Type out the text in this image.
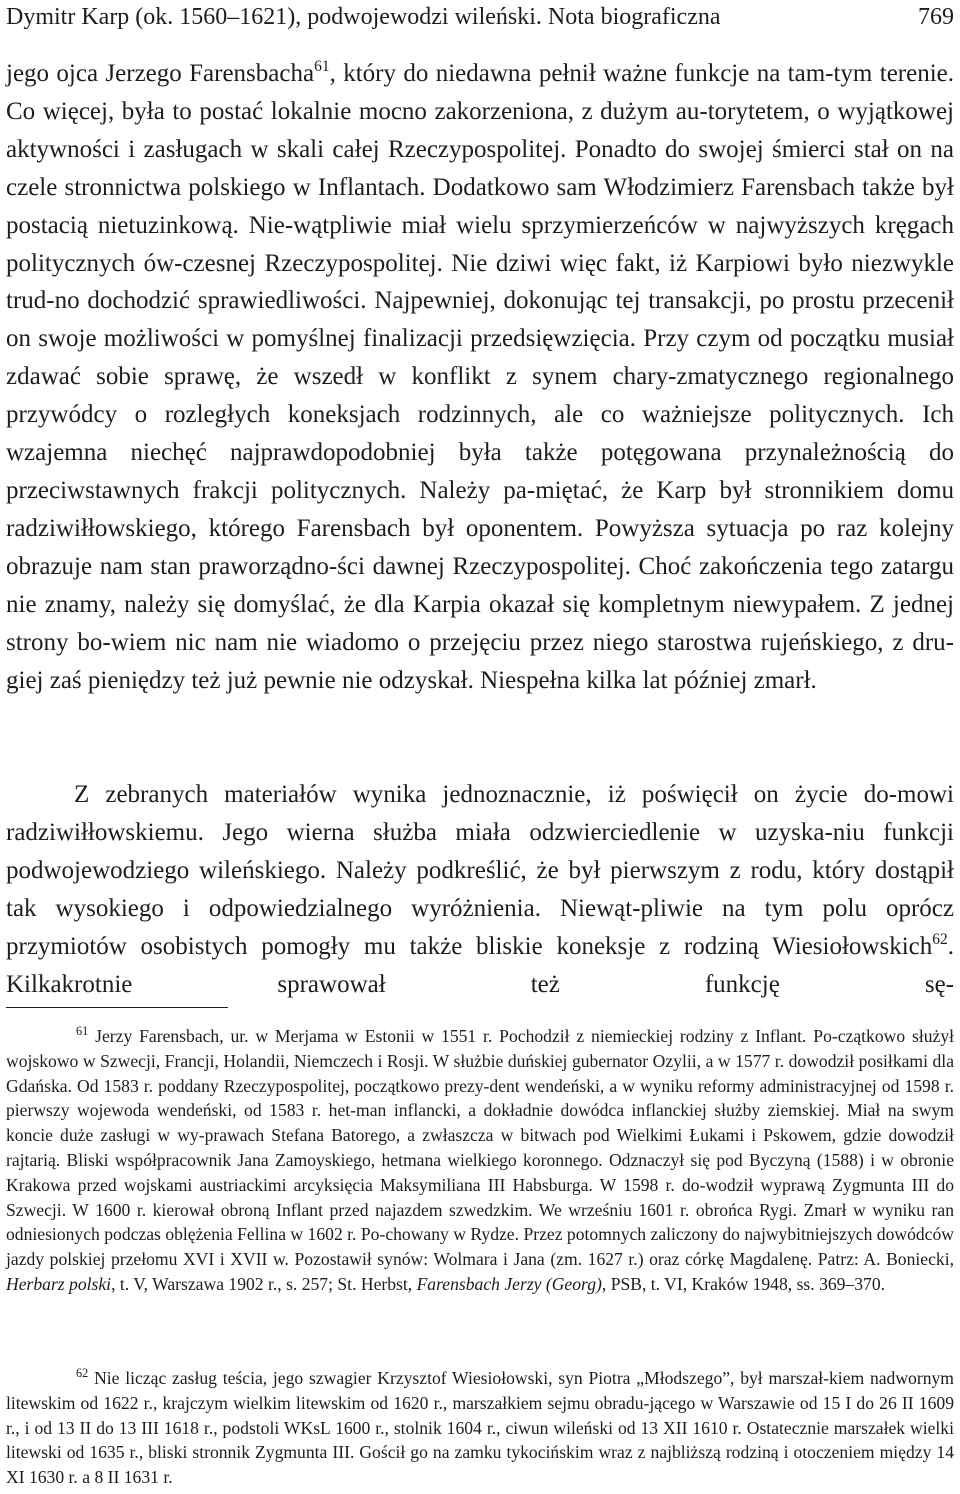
Dymitr Karp (ok. 1560–1621), podwojewodzi wileński. Nota biograficzna	769

jego ojca Jerzego Farensbacha$^{61}$, który do niedawna pełnił ważne funkcje na tam-tym terenie. Co więcej, była to postać lokalnie mocno zakorzeniona, z dużym au-torytetem, o wyjątkowej aktywności i zasługach w skali całej Rzeczypospolitej. Ponadto do swojej śmierci stał on na czele stronnictwa polskiego w Inflantach. Dodatkowo sam Włodzimierz Farensbach także był postacią nietuzinkową. Nie-wątpliwie miał wielu sprzymierzeńców w najwyższych kręgach politycznych ów-czesnej Rzeczypospolitej. Nie dziwi więc fakt, iż Karpiowi było niezwykle trud-no dochodzić sprawiedliwości. Najpewniej, dokonując tej transakcji, po prostu przecenił on swoje możliwości w pomyślnej finalizacji przedsięwzięcia. Przy czym od początku musiał zdawać sobie sprawę, że wszedł w konflikt z synem chary-zmatycznego regionalnego przywódcy o rozległych koneksjach rodzinnych, ale co ważniejsze politycznych. Ich wzajemna niechęć najprawdopodobniej była także potęgowana przynależnością do przeciwstawnych frakcji politycznych. Należy pa-miętać, że Karp był stronnikiem domu radziwiłłowskiego, którego Farensbach był oponentem. Powyższa sytuacja po raz kolejny obrazuje nam stan praworządno-ści dawnej Rzeczypospolitej. Choć zakończenia tego zatargu nie znamy, należy się domyślać, że dla Karpia okazał się kompletnym niewypałem. Z jednej strony bo-wiem nic nam nie wiadomo o przejęciu przez niego starostwa rujeńskiego, z dru-giej zaś pieniędzy też już pewnie nie odzyskał. Niespełna kilka lat później zmarł.

Z zebranych materiałów wynika jednoznacznie, iż poświęcił on życie do-mowi radziwiłłowskiemu. Jego wierna służba miała odzwierciedlenie w uzyska-niu funkcji podwojewodziego wileńskiego. Należy podkreślić, że był pierwszym z rodu, który dostąpił tak wysokiego i odpowiedzialnego wyróżnienia. Niewąt-pliwie na tym polu oprócz przymiotów osobistych pomogły mu także bliskie koneksje z rodziną Wiesiołowskich$^{62}$. Kilkakrotnie sprawował też funkcję sę-

$^{61}$ Jerzy Farensbach, ur. w Merjama w Estonii w 1551 r. Pochodził z niemieckiej rodziny z Inflant. Po-czątkowo służył wojskowo w Szwecji, Francji, Holandii, Niemczech i Rosji. W służbie duńskiej gubernator Ozylii, a w 1577 r. dowodził posiłkami dla Gdańska. Od 1583 r. poddany Rzeczypospolitej, początkowo prezy-dent wendeński, a w wyniku reformy administracyjnej od 1598 r. pierwszy wojewoda wendeński, od 1583 r. het-man inflancki, a dokładnie dowódca inflanckiej służby ziemskiej. Miał na swym koncie duże zasługi w wy-prawach Stefana Batorego, a zwłaszcza w bitwach pod Wielkimi Łukami i Pskowem, gdzie dowodził rajtarią. Bliski współpracownik Jana Zamoyskiego, hetmana wielkiego koronnego. Odznaczył się pod Byczyną (1588) i w obronie Krakowa przed wojskami austriackimi arcyksięcia Maksymiliana III Habsburga. W 1598 r. do-wodził wyprawą Zygmunta III do Szwecji. W 1600 r. kierował obroną Inflant przed najazdem szwedzkim. We wrześniu 1601 r. obrońca Rygi. Zmarł w wyniku ran odniesionych podczas oblężenia Fellina w 1602 r. Po-chowany w Rydze. Przez potomnych zaliczony do najwybitniejszych dowódców jazdy polskiej przełomu XVI i XVII w. Pozostawił synów: Wolmara i Jana (zm. 1627 r.) oraz córkę Magdalenę. Patrz: A. Boniecki, Herbarz polski, t. V, Warszawa 1902 r., s. 257; St. Herbst, Farensbach Jerzy (Georg), PSB, t. VI, Kraków 1948, ss. 369–370.

$^{62}$ Nie licząc zasług teścia, jego szwagier Krzysztof Wiesiołowski, syn Piotra „Młodszego”, był marszał-kiem nadwornym litewskim od 1622 r., krajczym wielkim litewskim od 1620 r., marszałkiem sejmu obradu-jącego w Warszawie od 15 I do 26 II 1609 r., i od 13 II do 13 III 1618 r., podstoli WKsL 1600 r., stolnik 1604 r., ciwun wileński od 13 XII 1610 r. Ostatecznie marszałek wielki litewski od 1635 r., bliski stronnik Zygmunta III. Gościł go na zamku tykocińskim wraz z najbliższą rodziną i otoczeniem między 14 XI 1630 r. a 8 II 1631 r.
